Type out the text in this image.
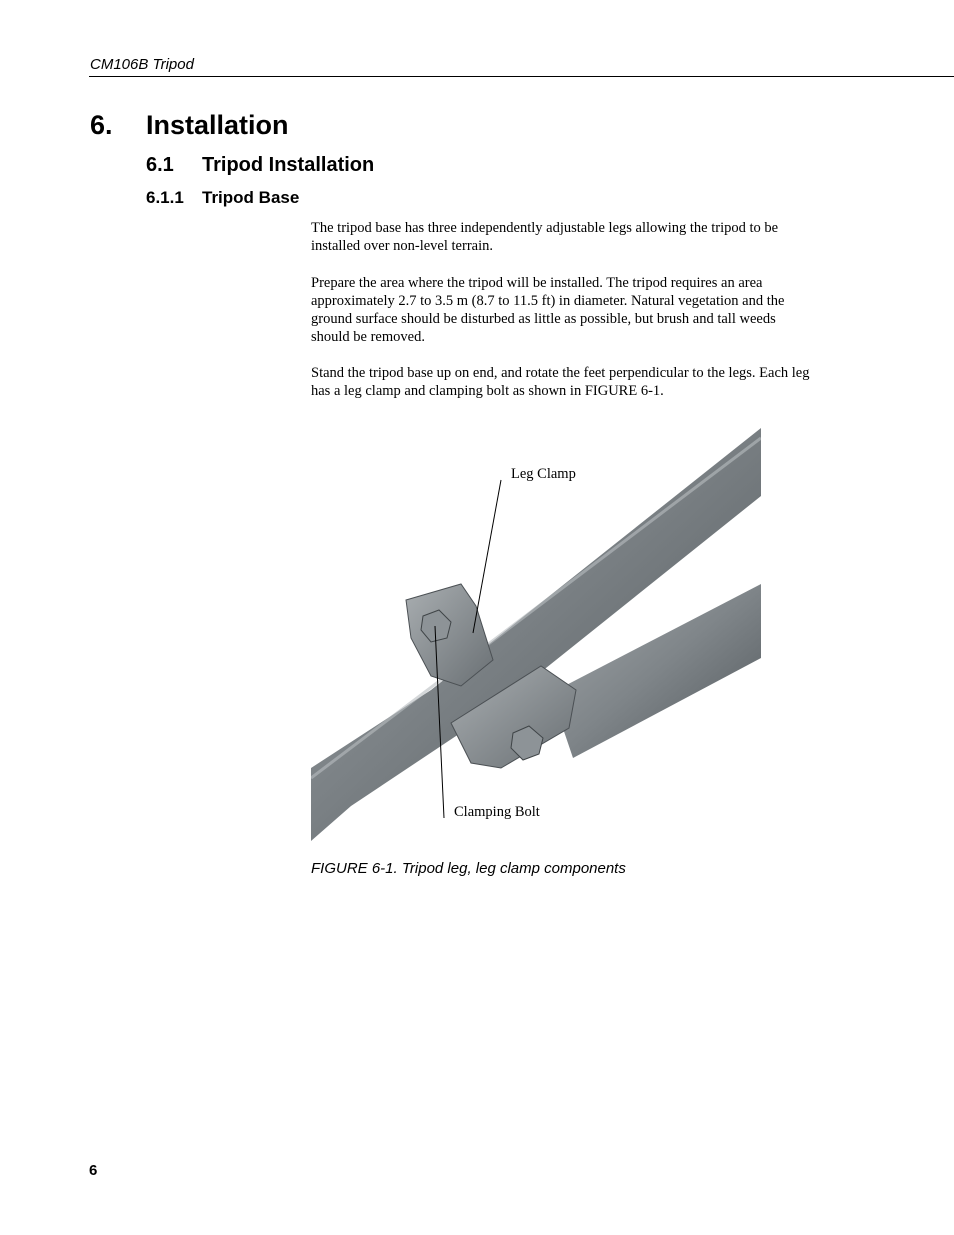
CM106B Tripod
6. Installation
6.1 Tripod Installation
6.1.1 Tripod Base

The tripod base has three independently adjustable legs allowing the tripod to be installed over non-level terrain.

Prepare the area where the tripod will be installed. The tripod requires an area approximately 2.7 to 3.5 m (8.7 to 11.5 ft) in diameter. Natural vegetation and the ground surface should be disturbed as little as possible, but brush and tall weeds should be removed.

Stand the tripod base up on end, and rotate the feet perpendicular to the legs. Each leg has a leg clamp and clamping bolt as shown in FIGURE 6-1.

Leg Clamp
Clamping Bolt
FIGURE 6-1. Tripod leg, leg clamp components
6
